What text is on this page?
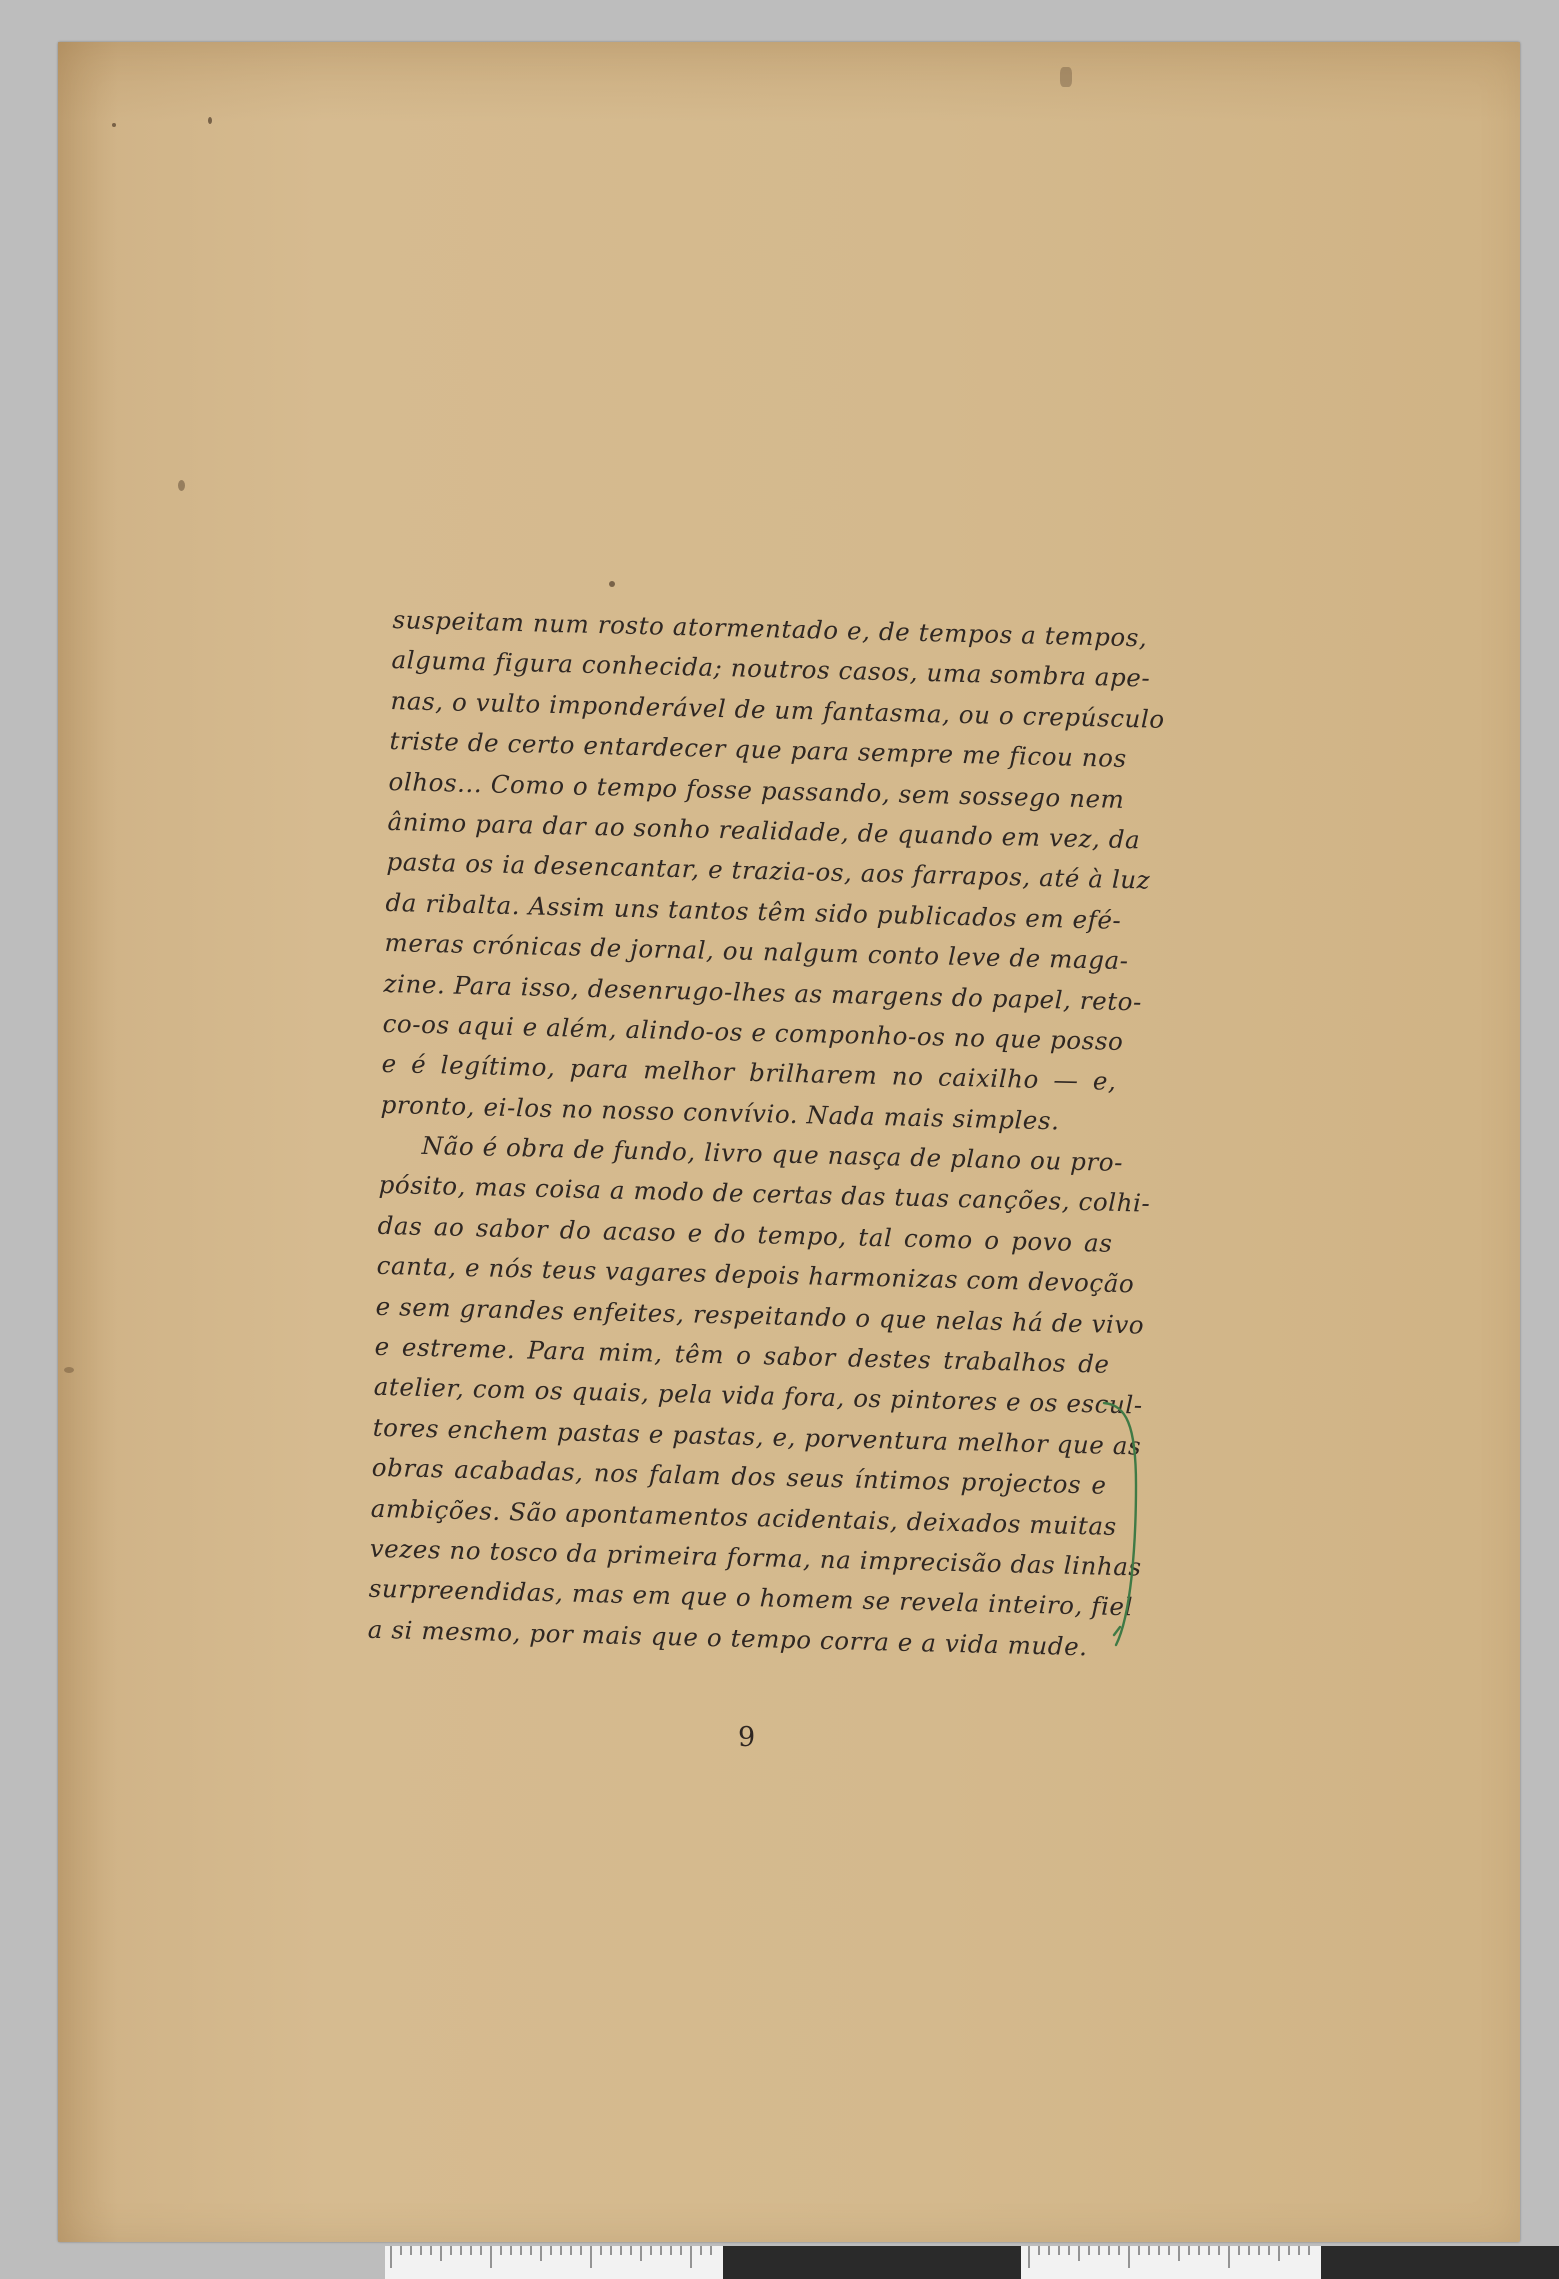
suspeitam num rosto atormentado e, de tempos a tempos,
alguma figura conhecida; noutros casos, uma sombra ape-
nas, o vulto imponderável de um fantasma, ou o crepúsculo
triste de certo entardecer que para sempre me ficou nos
olhos... Como o tempo fosse passando, sem sossego nem
ânimo para dar ao sonho realidade, de quando em vez, da
pasta os ia desencantar, e trazia-os, aos farrapos, até à luz
da ribalta. Assim uns tantos têm sido publicados em efé-
meras crónicas de jornal, ou nalgum conto leve de maga-
zine. Para isso, desenrugo-lhes as margens do papel, reto-
co-os aqui e além, alindo-os e componho-os no que posso
e é legítimo, para melhor brilharem no caixilho — e,
pronto, ei-los no nosso convívio. Nada mais simples.
Não é obra de fundo, livro que nasça de plano ou pro-
pósito, mas coisa a modo de certas das tuas canções, colhi-
das ao sabor do acaso e do tempo, tal como o povo as
canta, e nós teus vagares depois harmonizas com devoção
e sem grandes enfeites, respeitando o que nelas há de vivo
e estreme. Para mim, têm o sabor destes trabalhos de
atelier, com os quais, pela vida fora, os pintores e os escul-
tores enchem pastas e pastas, e, porventura melhor que as
obras acabadas, nos falam dos seus íntimos projectos e
ambições. São apontamentos acidentais, deixados muitas
vezes no tosco da primeira forma, na imprecisão das linhas
surpreendidas, mas em que o homem se revela inteiro, fiel
a si mesmo, por mais que o tempo corra e a vida mude.
9
